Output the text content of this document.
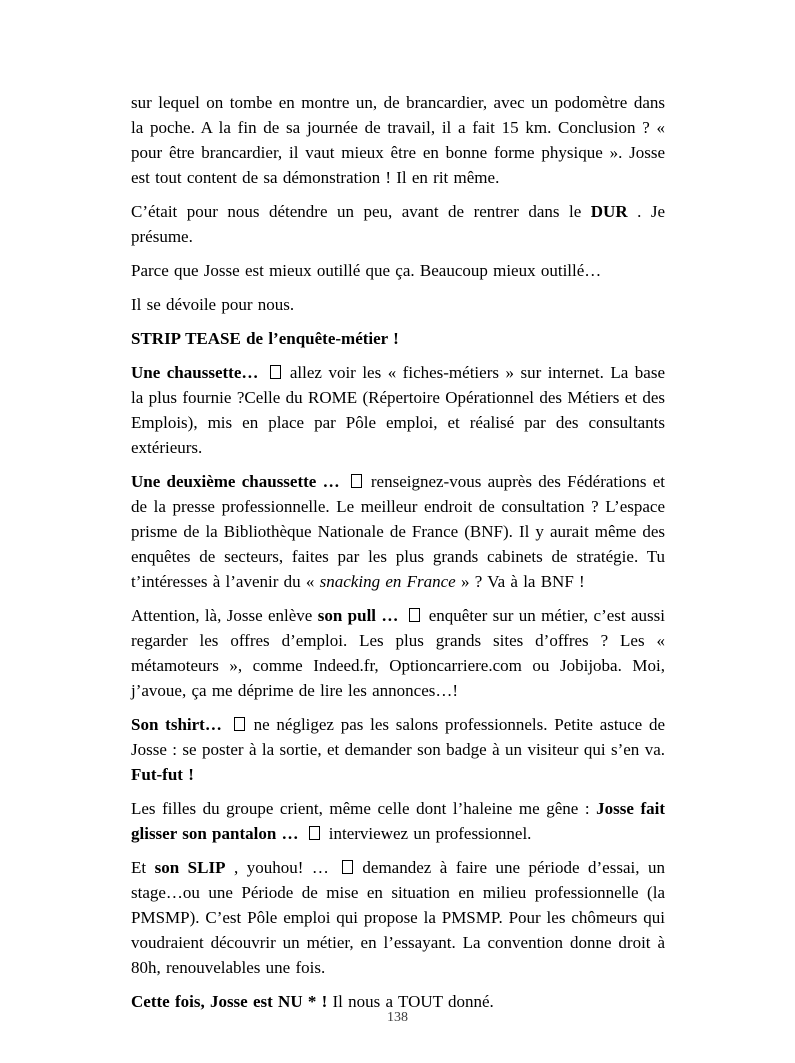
sur lequel on tombe en montre un, de brancardier, avec un podomètre dans la poche. A la fin de sa journée de travail, il a fait 15 km. Conclusion ? « pour être brancardier, il vaut mieux être en bonne forme physique ». Josse est tout content de sa démonstration ! Il en rit même.

C’était pour nous détendre un peu, avant de rentrer dans le DUR . Je présume.

Parce que Josse est mieux outillé que ça. Beaucoup mieux outillé…

Il se dévoile pour nous.

STRIP TEASE de l’enquête-métier !

Une chaussette… allez voir les « fiches-métiers » sur internet. La base la plus fournie ?Celle du ROME (Répertoire Opérationnel des Métiers et des Emplois), mis en place par Pôle emploi, et réalisé par des consultants extérieurs.

Une deuxième chaussette … renseignez-vous auprès des Fédérations et de la presse professionnelle. Le meilleur endroit de consultation ? L’espace prisme de la Bibliothèque Nationale de France (BNF). Il y aurait même des enquêtes de secteurs, faites par les plus grands cabinets de stratégie. Tu t’intéresses à l’avenir du « snacking en France » ? Va à la BNF !

Attention, là, Josse enlève son pull … enquêter sur un métier, c’est aussi regarder les offres d’emploi. Les plus grands sites d’offres ? Les « métamoteurs », comme Indeed.fr, Optioncarriere.com ou Jobijoba. Moi, j’avoue, ça me déprime de lire les annonces…!

Son tshirt… ne négligez pas les salons professionnels. Petite astuce de Josse : se poster à la sortie, et demander son badge à un visiteur qui s’en va. Fut-fut !

Les filles du groupe crient, même celle dont l’haleine me gêne : Josse fait glisser son pantalon … interviewez un professionnel.

Et son SLIP , youhou! … demandez à faire une période d’essai, un stage…ou une Période de mise en situation en milieu professionnelle (la PMSMP). C’est Pôle emploi qui propose la PMSMP. Pour les chômeurs qui voudraient découvrir un métier, en l’essayant. La convention donne droit à 80h, renouvelables une fois.

Cette fois, Josse est NU * ! Il nous a TOUT donné.

138
